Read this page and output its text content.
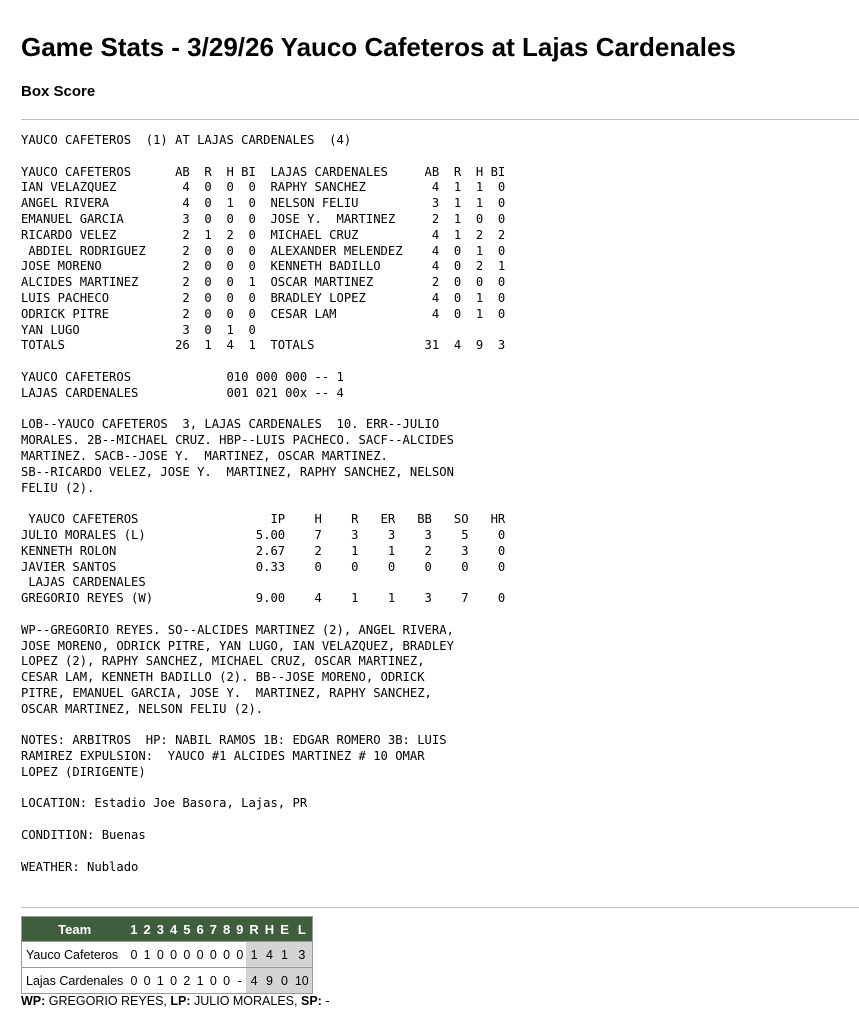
Game Stats - 3/29/26 Yauco Cafeteros at Lajas Cardenales
Box Score
YAUCO CAFETEROS  (1) AT LAJAS CARDENALES  (4)

YAUCO CAFETEROS      AB  R  H BI  LAJAS CARDENALES     AB  R  H BI
IAN VELAZQUEZ         4  0  0  0  RAPHY SANCHEZ         4  1  1  0
ANGEL RIVERA          4  0  1  0  NELSON FELIU          3  1  1  0
EMANUEL GARCIA        3  0  0  0  JOSE Y.  MARTINEZ     2  1  0  0
RICARDO VELEZ         2  1  2  0  MICHAEL CRUZ          4  1  2  2
ABDIEL RODRIGUEZ     2  0  0  0  ALEXANDER MELENDEZ    4  0  1  0
JOSE MORENO           2  0  0  0  KENNETH BADILLO       4  0  2  1
ALCIDES MARTINEZ      2  0  0  1  OSCAR MARTINEZ        2  0  0  0
LUIS PACHECO          2  0  0  0  BRADLEY LOPEZ         4  0  1  0
ODRICK PITRE          2  0  0  0  CESAR LAM             4  0  1  0
YAN LUGO              3  0  1  0
TOTALS               26  1  4  1  TOTALS               31  4  9  3

YAUCO CAFETEROS             010 000 000 -- 1
LAJAS CARDENALES            001 021 00x -- 4

LOB--YAUCO CAFETEROS  3, LAJAS CARDENALES  10. ERR--JULIO
MORALES. 2B--MICHAEL CRUZ. HBP--LUIS PACHECO. SACF--ALCIDES
MARTINEZ. SACB--JOSE Y.  MARTINEZ, OSCAR MARTINEZ.
SB--RICARDO VELEZ, JOSE Y.  MARTINEZ, RAPHY SANCHEZ, NELSON
FELIU (2).

YAUCO CAFETEROS                  IP    H    R   ER   BB   SO   HR
JULIO MORALES (L)               5.00    7    3    3    3    5    0
KENNETH ROLON                   2.67    2    1    1    2    3    0
JAVIER SANTOS                   0.33    0    0    0    0    0    0
LAJAS CARDENALES
GREGORIO REYES (W)              9.00    4    1    1    3    7    0

WP--GREGORIO REYES. SO--ALCIDES MARTINEZ (2), ANGEL RIVERA,
JOSE MORENO, ODRICK PITRE, YAN LUGO, IAN VELAZQUEZ, BRADLEY
LOPEZ (2), RAPHY SANCHEZ, MICHAEL CRUZ, OSCAR MARTINEZ,
CESAR LAM, KENNETH BADILLO (2). BB--JOSE MORENO, ODRICK
PITRE, EMANUEL GARCIA, JOSE Y.  MARTINEZ, RAPHY SANCHEZ,
OSCAR MARTINEZ, NELSON FELIU (2).

NOTES: ARBITROS  HP: NABIL RAMOS 1B: EDGAR ROMERO 3B: LUIS
RAMIREZ EXPULSION:  YAUCO #1 ALCIDES MARTINEZ # 10 OMAR
LOPEZ (DIRIGENTE)

LOCATION: Estadio Joe Basora, Lajas, PR

CONDITION: Buenas

WEATHER: Nublado
Team	1	2	3	4	5	6	7	8	9	R	H	E	L
Yauco Cafeteros	0	1	0	0	0	0	0	0	0	1	4	1	3
Lajas Cardenales	0	0	1	0	2	1	0	0	-	4	9	0	10
WP: GREGORIO REYES, LP: JULIO MORALES, SP: -
